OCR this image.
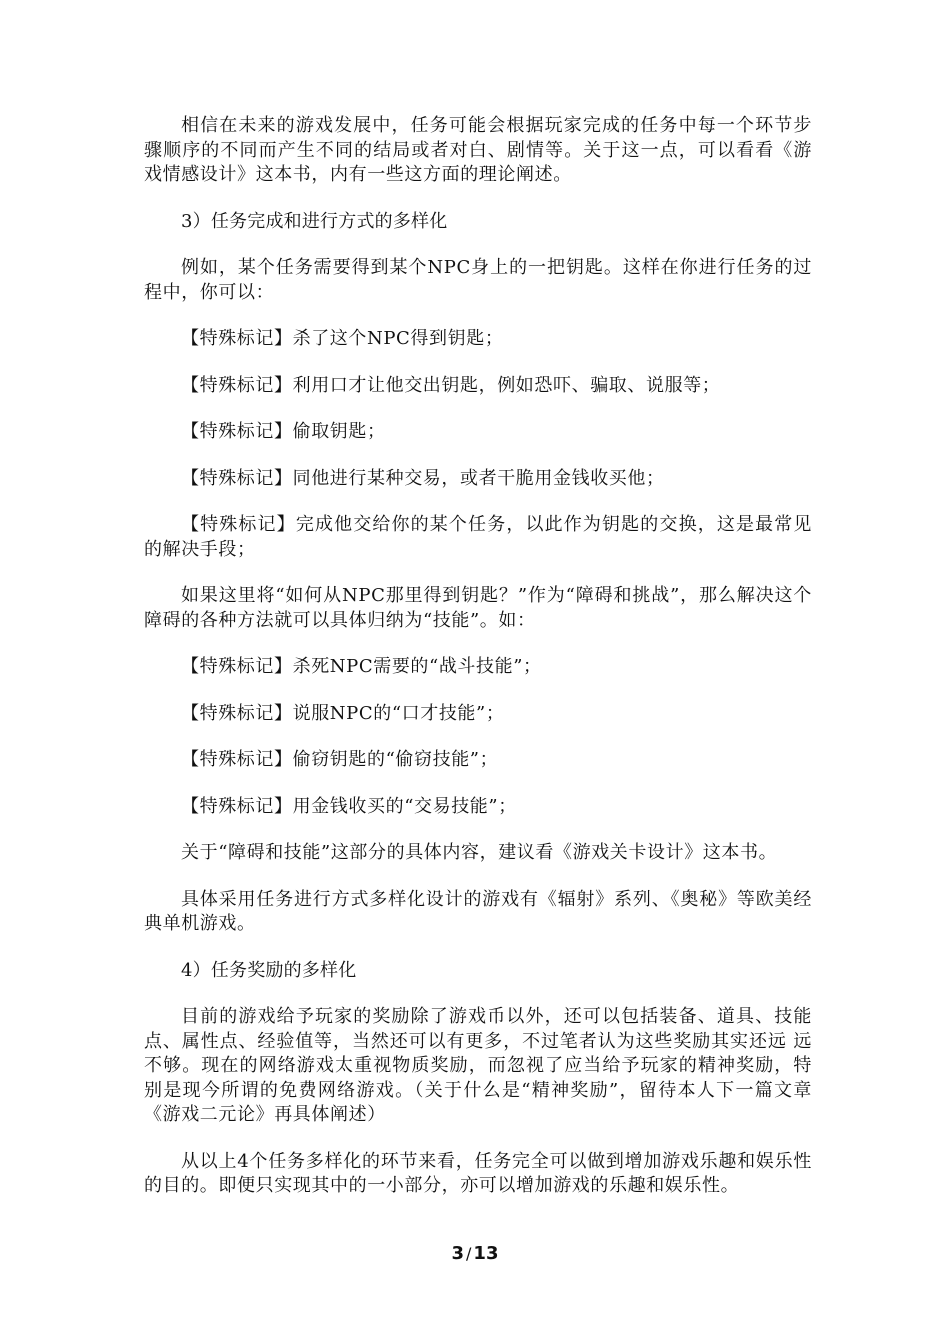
相信在未来的游戏发展中，任务可能会根据玩家完成的任务中每一个环节步骤顺序的不同而产生不同的结局或者对白、剧情等。关于这一点，可以看看《游戏情感设计》这本书，内有一些这方面的理论阐述。

3）任务完成和进行方式的多样化

例如，某个任务需要得到某个NPC身上的一把钥匙。这样在你进行任务的过程中，你可以：

【特殊标记】杀了这个NPC得到钥匙；

【特殊标记】利用口才让他交出钥匙，例如恐吓、骗取、说服等；

【特殊标记】偷取钥匙；

【特殊标记】同他进行某种交易，或者干脆用金钱收买他；

【特殊标记】完成他交给你的某个任务，以此作为钥匙的交换，这是最常见的解决手段；

如果这里将“如何从NPC那里得到钥匙？”作为“障碍和挑战”，那么解决这个障碍的各种方法就可以具体归纳为“技能”。如：

【特殊标记】杀死NPC需要的“战斗技能”；

【特殊标记】说服NPC的“口才技能”；

【特殊标记】偷窃钥匙的“偷窃技能”；

【特殊标记】用金钱收买的“交易技能”；

关于“障碍和技能”这部分的具体内容，建议看《游戏关卡设计》这本书。

具体采用任务进行方式多样化设计的游戏有《辐射》系列、《奥秘》等欧美经典单机游戏。

4）任务奖励的多样化

目前的游戏给予玩家的奖励除了游戏币以外，还可以包括装备、道具、技能点、属性点、经验值等，当然还可以有更多，不过笔者认为这些奖励其实还远 远不够。现在的网络游戏太重视物质奖励，而忽视了应当给予玩家的精神奖励，特别是现今所谓的免费网络游戏。（关于什么是“精神奖励”，留待本人下一篇文章 《游戏二元论》再具体阐述）

从以上4个任务多样化的环节来看，任务完全可以做到增加游戏乐趣和娱乐性的目的。即便只实现其中的一小部分，亦可以增加游戏的乐趣和娱乐性。

3 / 13
